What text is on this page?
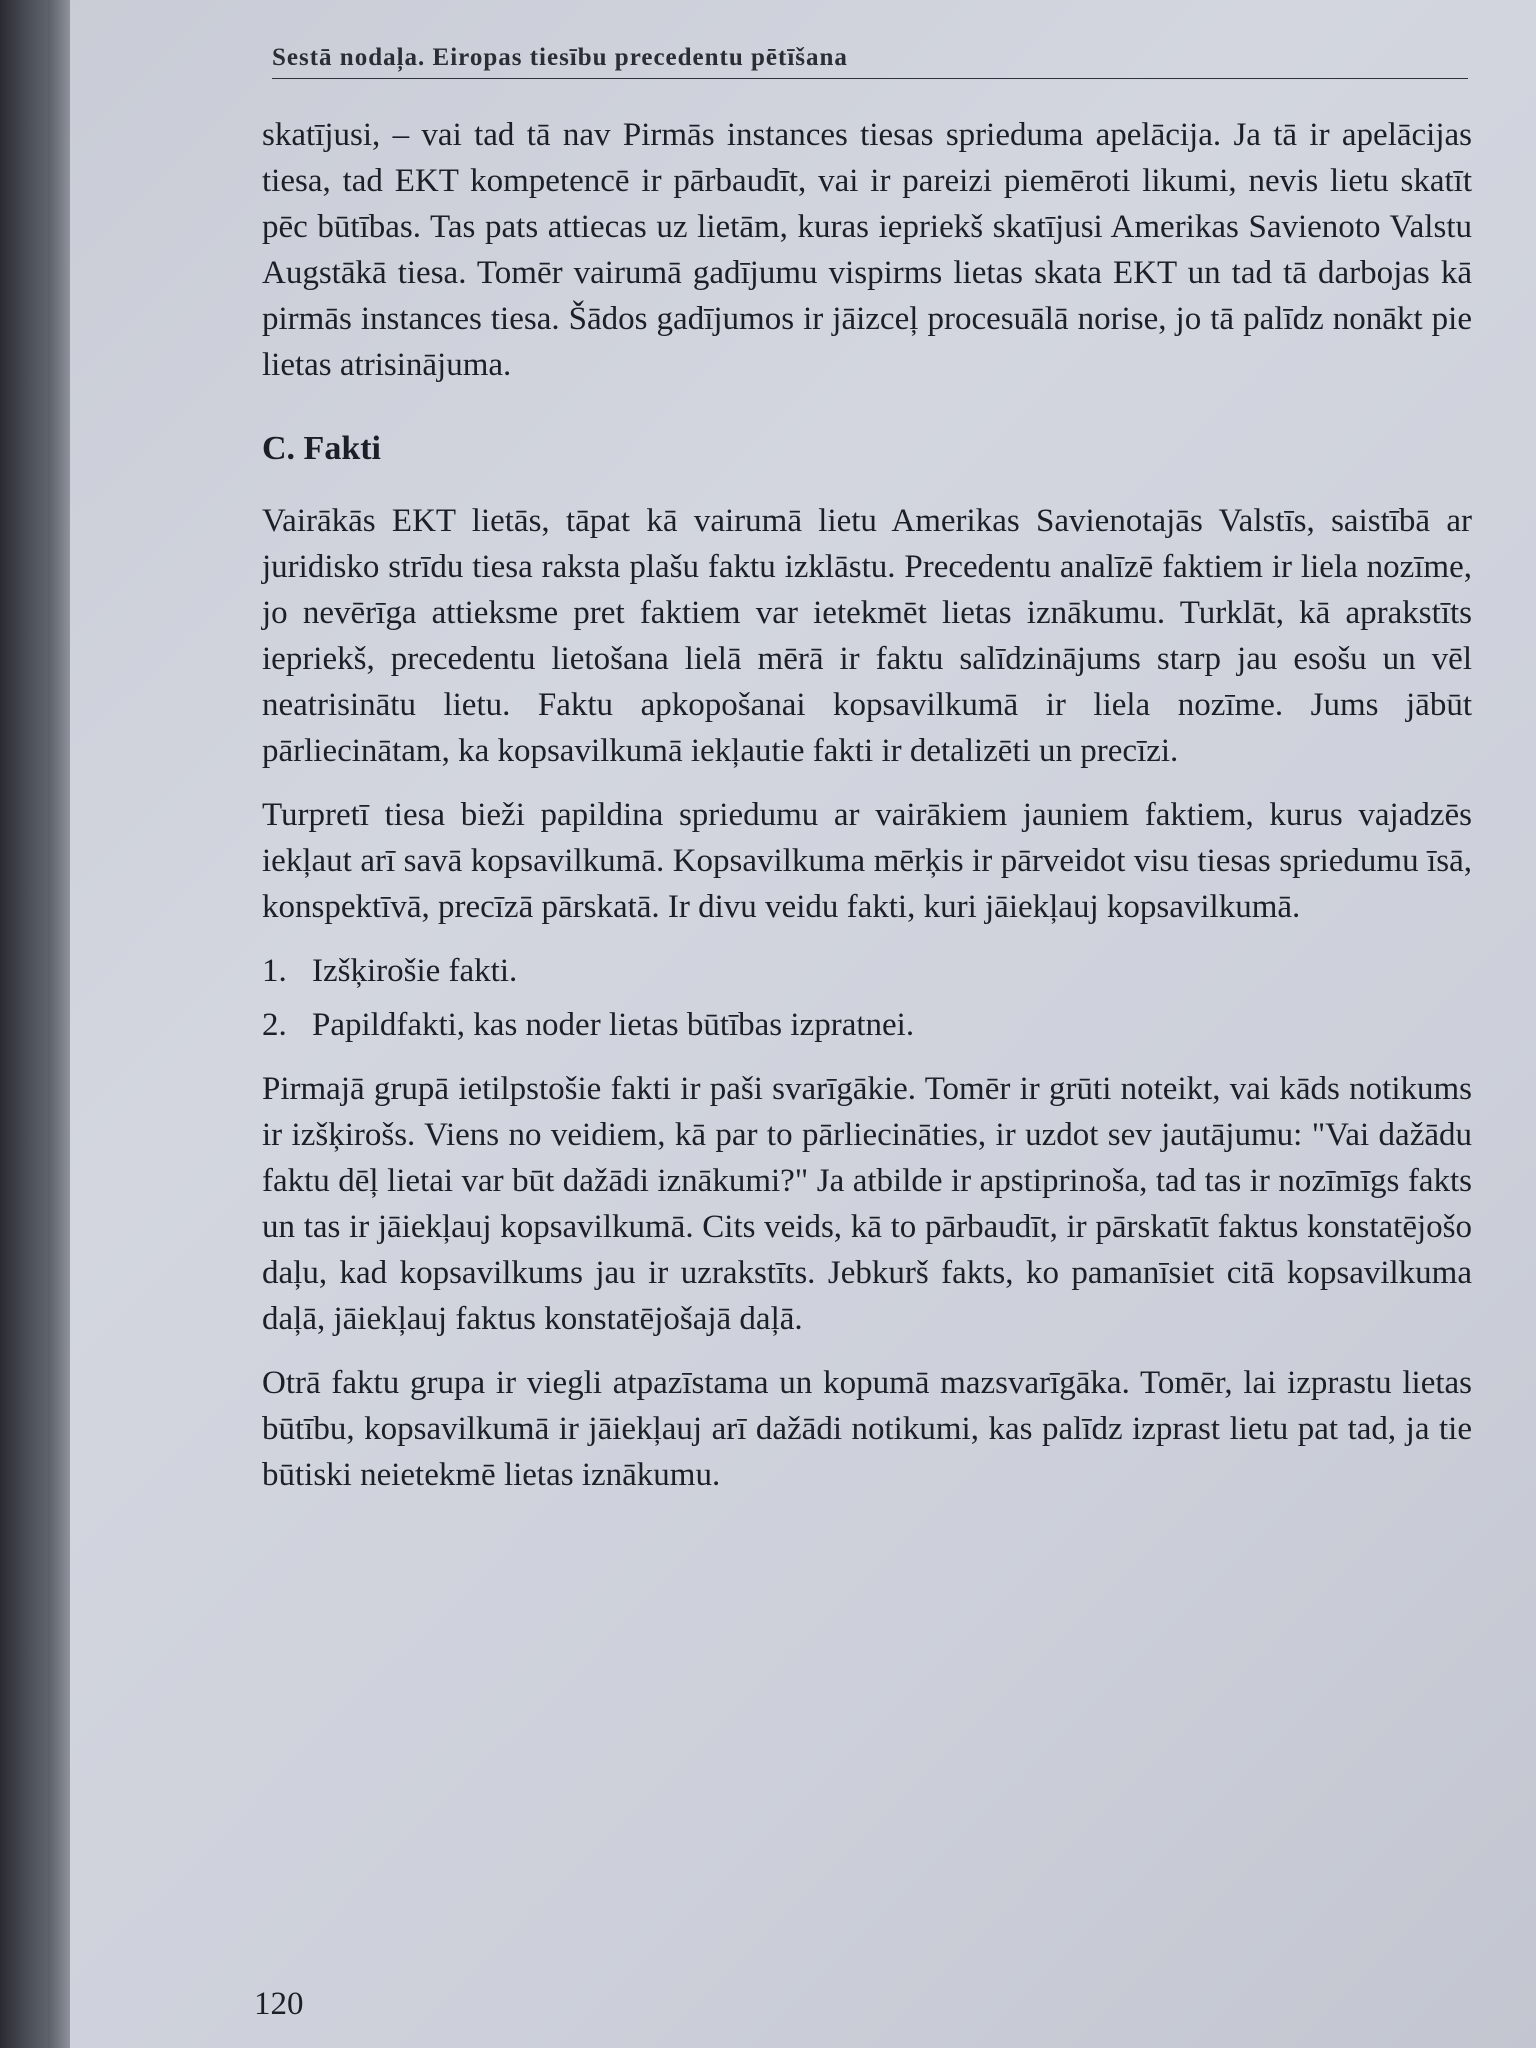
Sestā nodaļa. Eiropas tiesību precedentu pētīšana

skatījusi, – vai tad tā nav Pirmās instances tiesas sprieduma apelācija. Ja tā ir apelācijas tiesa, tad EKT kompetencē ir pārbaudīt, vai ir pareizi piemēroti likumi, nevis lietu skatīt pēc būtības. Tas pats attiecas uz lietām, kuras iepriekš skatījusi Amerikas Savienoto Valstu Augstākā tiesa. Tomēr vairumā gadījumu vispirms lietas skata EKT un tad tā darbojas kā pirmās instances tiesa. Šādos gadījumos ir jāizceļ procesuālā norise, jo tā palīdz nonākt pie lietas atrisinājuma.

C. Fakti

Vairākās EKT lietās, tāpat kā vairumā lietu Amerikas Savienotajās Valstīs, saistībā ar juridisko strīdu tiesa raksta plašu faktu izklāstu. Precedentu analīzē faktiem ir liela nozīme, jo nevērīga attieksme pret faktiem var ietekmēt lietas iznākumu. Turklāt, kā aprakstīts iepriekš, precedentu lietošana lielā mērā ir faktu salīdzinājums starp jau esošu un vēl neatrisinātu lietu. Faktu apkopošanai kopsavilkumā ir liela nozīme. Jums jābūt pārliecinātam, ka kopsavilkumā iekļautie fakti ir detalizēti un precīzi.

Turpretī tiesa bieži papildina spriedumu ar vairākiem jauniem faktiem, kurus vajadzēs iekļaut arī savā kopsavilkumā. Kopsavilkuma mērķis ir pārveidot visu tiesas spriedumu īsā, konspektīvā, precīzā pārskatā. Ir divu veidu fakti, kuri jāiekļauj kopsavilkumā.

1. Izšķirošie fakti.
2. Papildfakti, kas noder lietas būtības izpratnei.

Pirmajā grupā ietilpstošie fakti ir paši svarīgākie. Tomēr ir grūti noteikt, vai kāds notikums ir izšķirošs. Viens no veidiem, kā par to pārliecināties, ir uzdot sev jautājumu: "Vai dažādu faktu dēļ lietai var būt dažādi iznākumi?" Ja atbilde ir apstiprinoša, tad tas ir nozīmīgs fakts un tas ir jāiekļauj kopsavilkumā. Cits veids, kā to pārbaudīt, ir pārskatīt faktus konstatējošo daļu, kad kopsavilkums jau ir uzrakstīts. Jebkurš fakts, ko pamanīsiet citā kopsavilkuma daļā, jāiekļauj faktus konstatējošajā daļā.

Otrā faktu grupa ir viegli atpazīstama un kopumā mazsvarīgāka. Tomēr, lai izprastu lietas būtību, kopsavilkumā ir jāiekļauj arī dažādi notikumi, kas palīdz izprast lietu pat tad, ja tie būtiski neietekmē lietas iznākumu.

120
